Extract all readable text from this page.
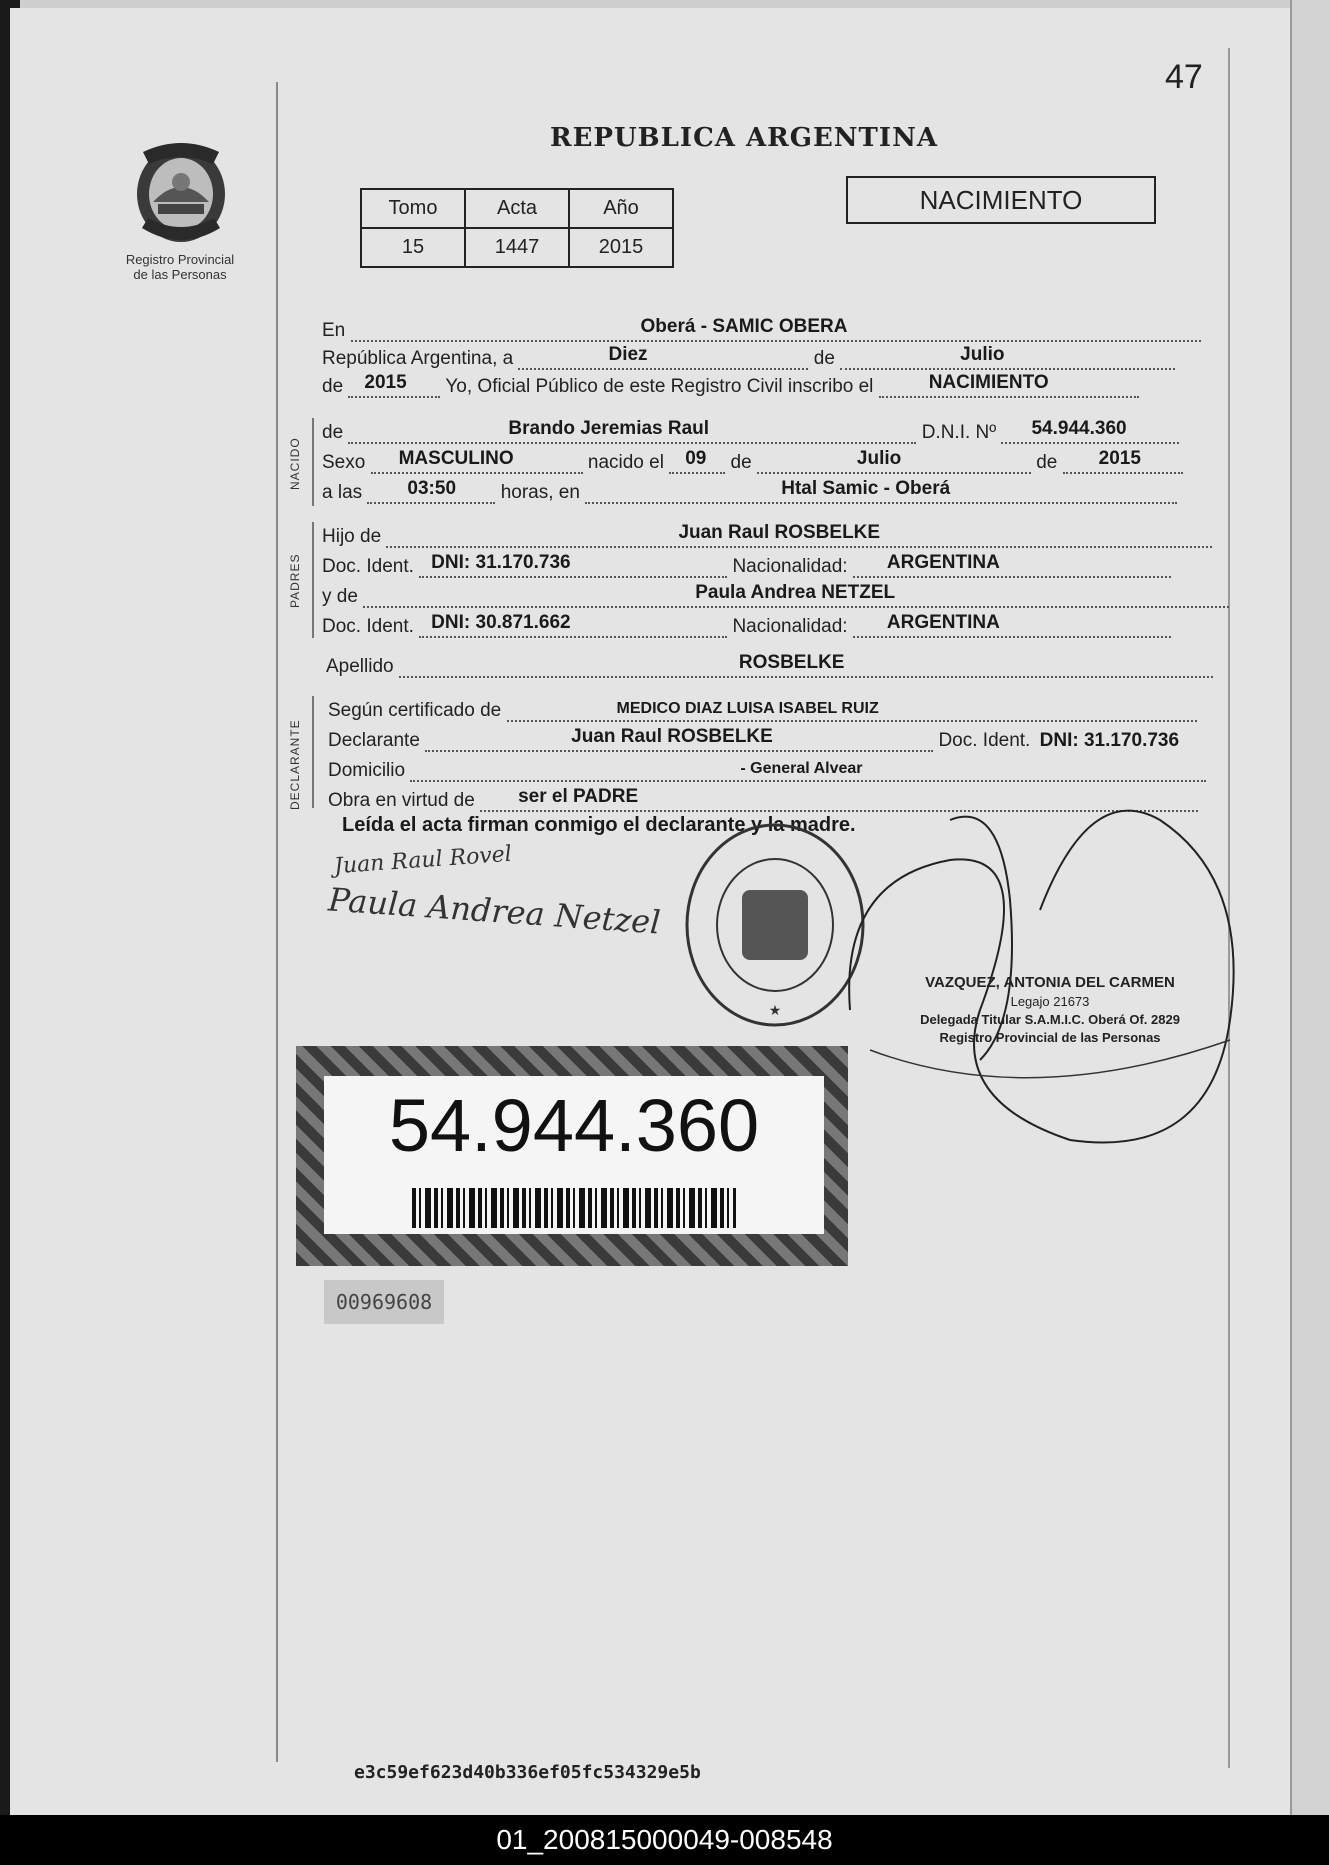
47
REPUBLICA ARGENTINA
Registro Provincial
de las Personas
Tomo	Acta	Año
15	1447	2015
NACIMIENTO
En	Oberá - SAMIC OBERA
República Argentina, a	Diez	de	Julio
de 2015 Yo, Oficial Público de este Registro Civil inscribo el	NACIMIENTO
NACIDO
de	Brando Jeremias Raul	D.N.I. Nº 54.944.360
Sexo MASCULINO	nacido el 09 de	Julio	de 2015
a las 03:50 horas, en	Htal Samic - Oberá
PADRES
Hijo de	Juan Raul ROSBELKE
Doc. Ident. DNI: 31.170.736	Nacionalidad: ARGENTINA
y de	Paula Andrea NETZEL
Doc. Ident. DNI: 30.871.662	Nacionalidad: ARGENTINA
Apellido	ROSBELKE
DECLARANTE
Según certificado de	MEDICO DIAZ LUISA ISABEL RUIZ
Declarante	Juan Raul ROSBELKE	Doc. Ident. DNI: 31.170.736
Domicilio	- General Alvear
Obra en virtud de ser el PADRE
Leída el acta firman conmigo el declarante y la madre.
Juan Raul Rovel
Paula Andrea Netzel
★
VAZQUEZ, ANTONIA DEL CARMEN
Legajo 21673
Delegada Titular S.A.M.I.C. Oberá Of. 2829
Registro Provincial de las Personas
54.944.360
00969608
e3c59ef623d40b336ef05fc534329e5b
01_200815000049-008548
